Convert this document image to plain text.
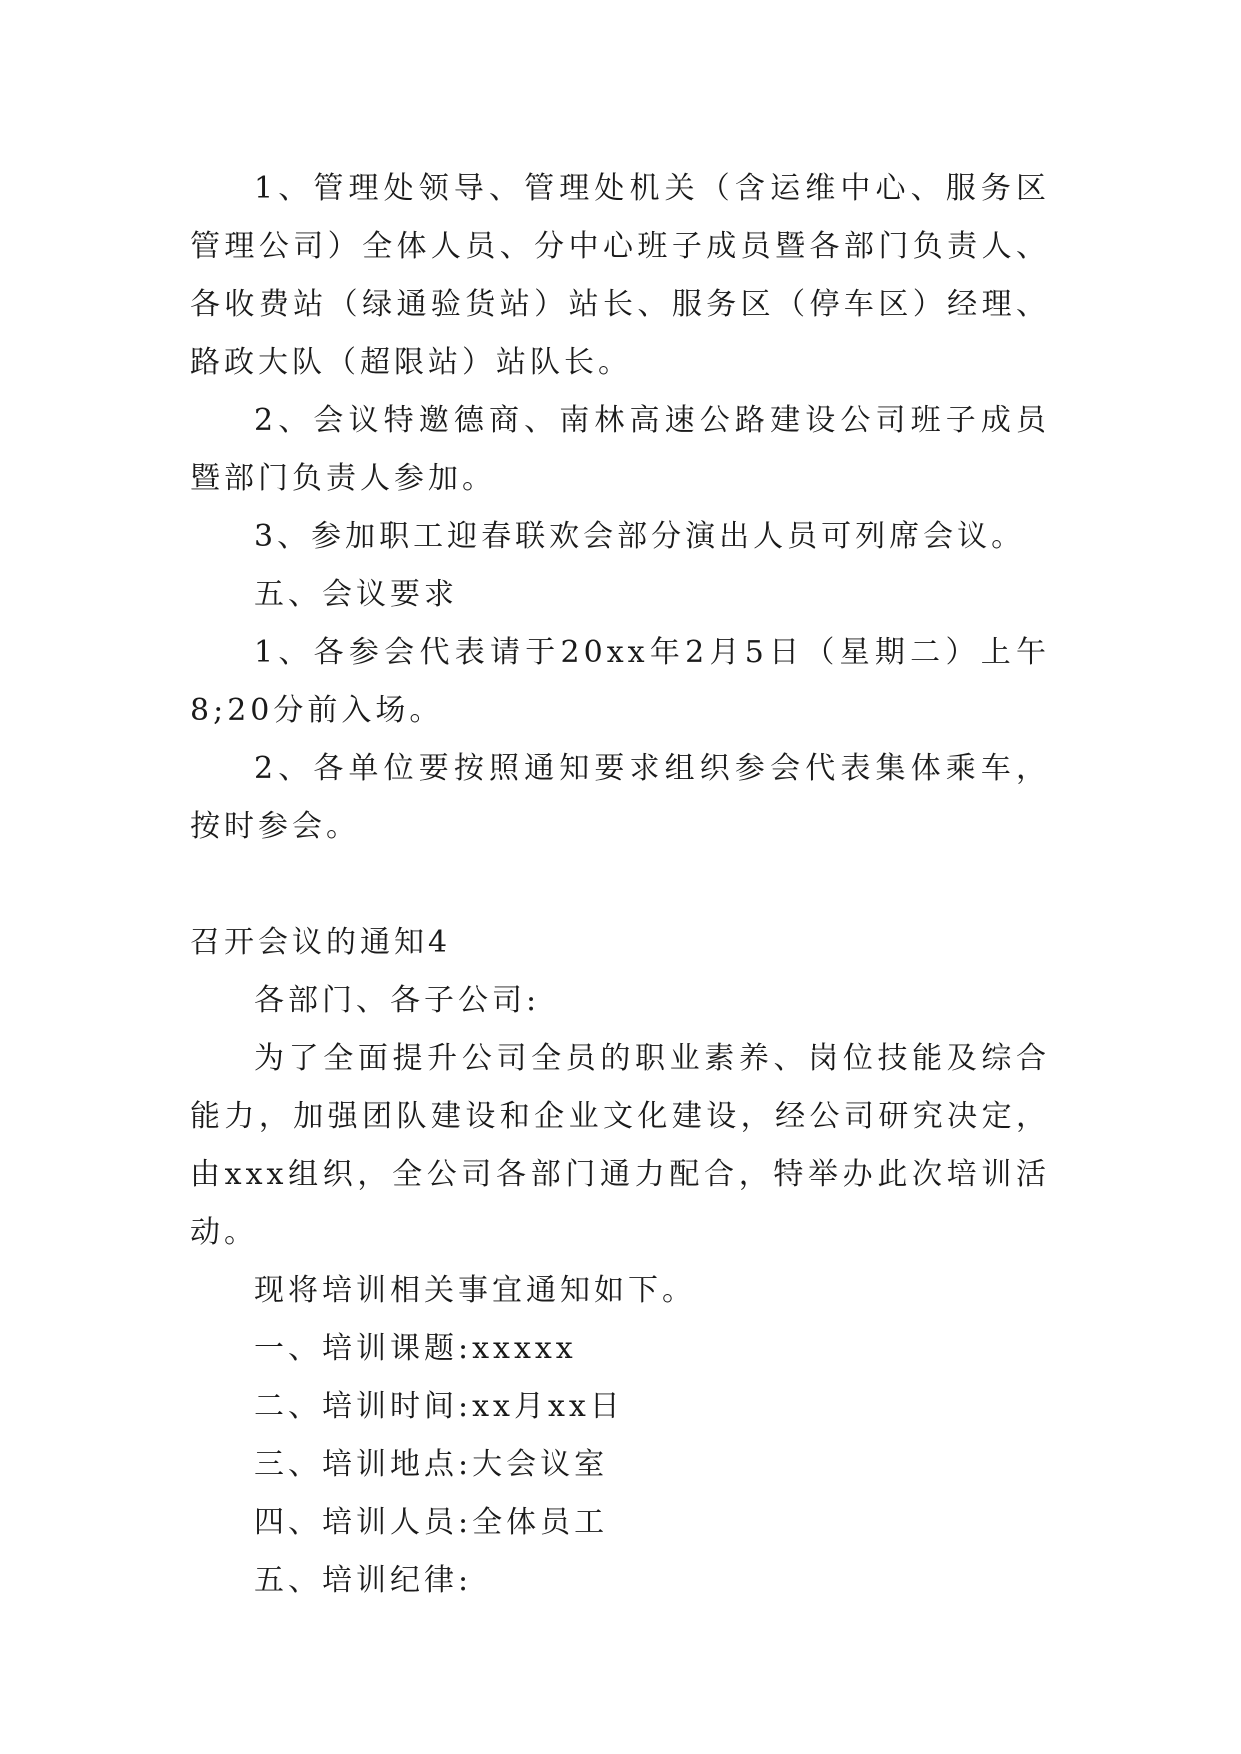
1、管理处领导、管理处机关（含运维中心、服务区管理公司）全体人员、分中心班子成员暨各部门负责人、各收费站（绿通验货站）站长、服务区（停车区）经理、路政大队（超限站）站队长。

2、会议特邀德商、南林高速公路建设公司班子成员暨部门负责人参加。

3、参加职工迎春联欢会部分演出人员可列席会议。

五、会议要求

1、各参会代表请于20xx年2月5日（星期二）上午8;20分前入场。

2、各单位要按照通知要求组织参会代表集体乘车，按时参会。

召开会议的通知4

各部门、各子公司:

为了全面提升公司全员的职业素养、岗位技能及综合能力，加强团队建设和企业文化建设，经公司研究决定，由xxx组织，全公司各部门通力配合，特举办此次培训活动。

现将培训相关事宜通知如下。

一、培训课题:xxxxx

二、培训时间:xx月xx日

三、培训地点:大会议室

四、培训人员:全体员工

五、培训纪律:
